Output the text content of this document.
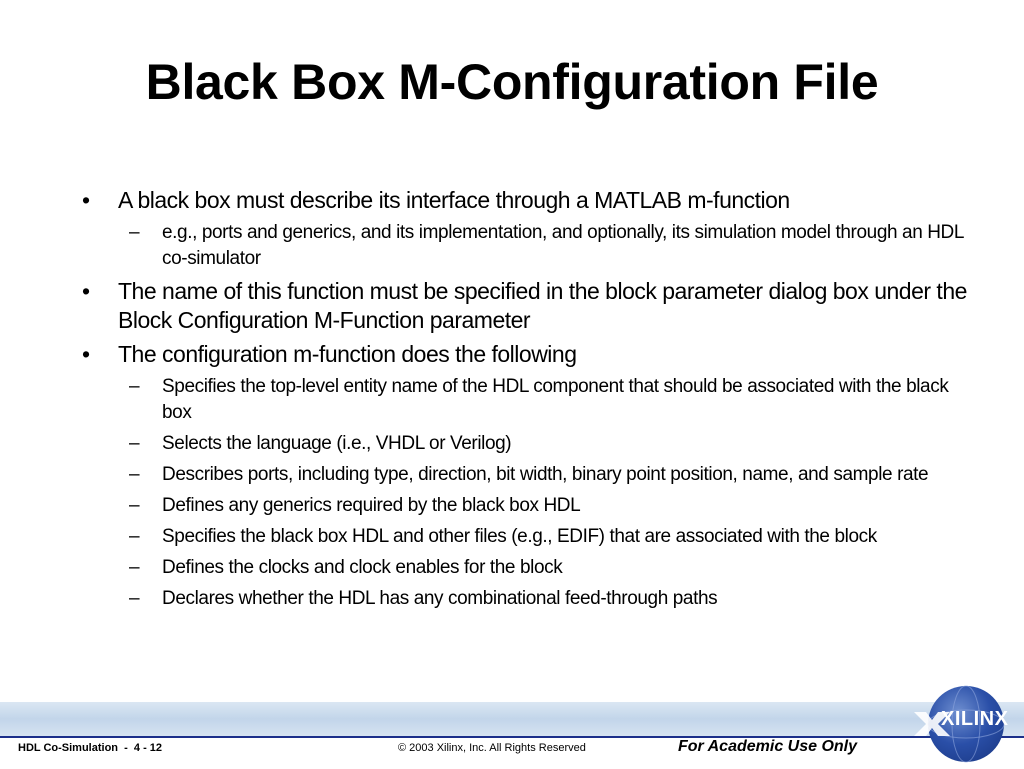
Black Box M-Configuration File
• A black box must describe its interface through a MATLAB m-function
– e.g., ports and generics, and its implementation, and optionally, its simulation model through an HDL co-simulator
• The name of this function must be specified in the block parameter dialog box under the Block Configuration M-Function parameter
• The configuration m-function does the following
– Specifies the top-level entity name of the HDL component that should be associated with the black box
– Selects the language (i.e., VHDL or Verilog)
– Describes ports, including type, direction, bit width, binary point position, name, and sample rate
– Defines any generics required by the black box HDL
– Specifies the black box HDL and other files (e.g., EDIF) that are associated with the block
– Defines the clocks and clock enables for the block
– Declares whether the HDL has any combinational feed-through paths
HDL Co-Simulation  -  4 - 12	© 2003 Xilinx, Inc. All Rights Reserved	For Academic Use Only
XILINX
